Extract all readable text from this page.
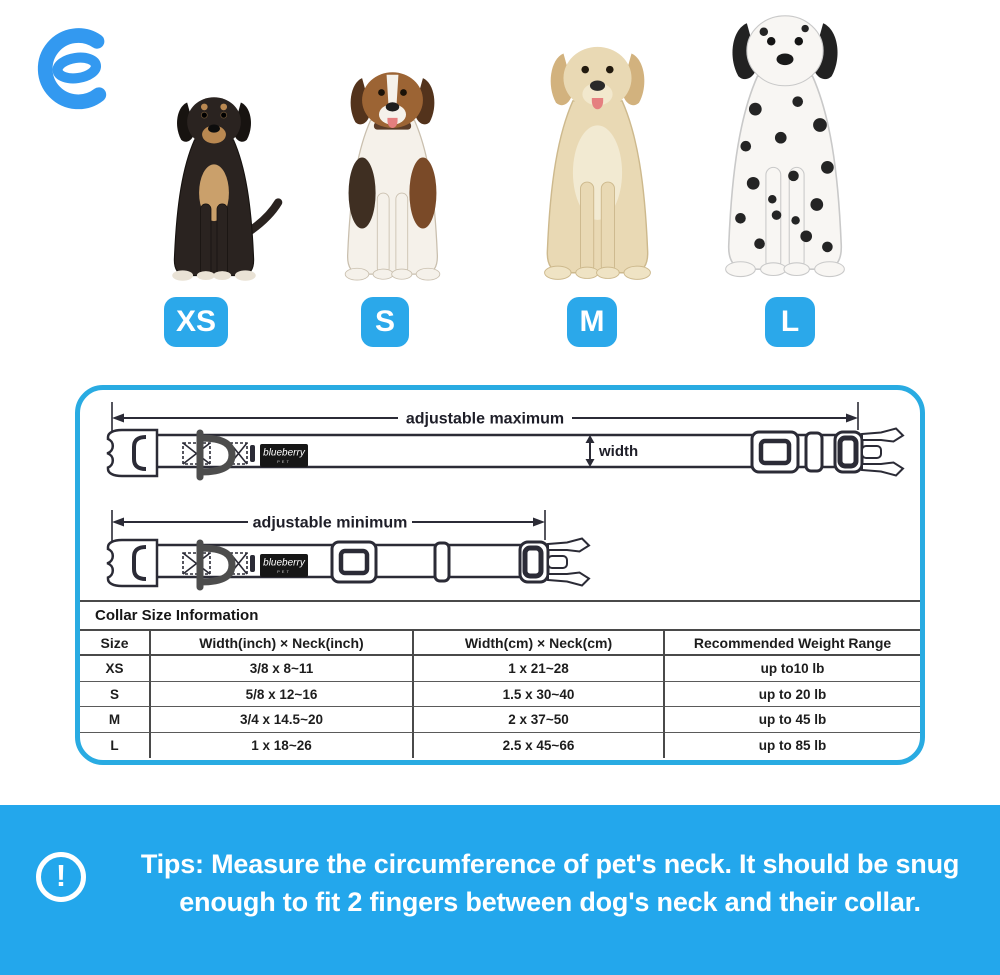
XS	S	M	L
adjustable maximum
blueberry
PET
width
adjustable minimum
blueberry
PET
Collar Size Information
Size	Width(inch) × Neck(inch)	Width(cm) × Neck(cm)	Recommended Weight Range
XS	3/8 x 8~11	1 x 21~28	up to10 lb
S	5/8 x 12~16	1.5 x 30~40	up to 20 lb
M	3/4 x 14.5~20	2 x 37~50	up to 45 lb
L	1 x 18~26	2.5 x 45~66	up to 85 lb
!	Tips: Measure the circumference of pet's neck. It should be snug enough to fit 2 fingers between dog's neck and their collar.
